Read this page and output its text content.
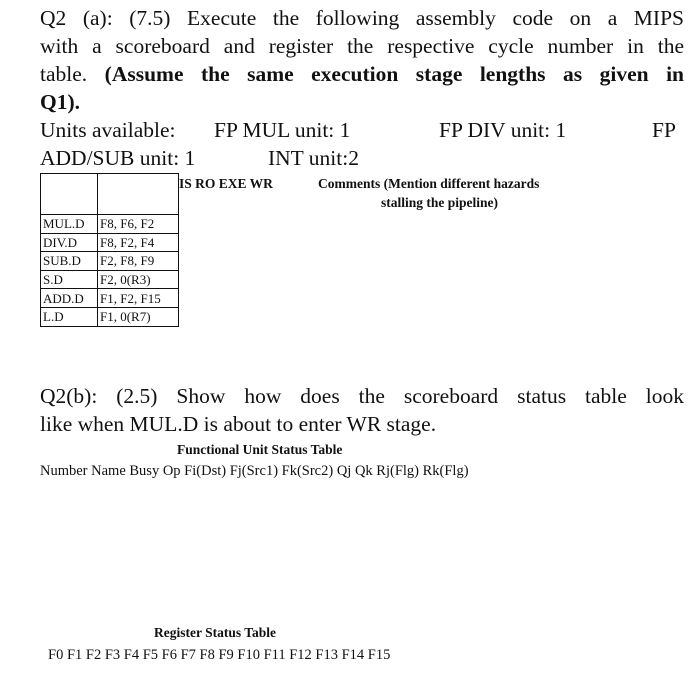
Q2 (a): (7.5) Execute the following assembly code on a MIPS
with a scoreboard and register the respective cycle number in the
table. (Assume the same execution stage lengths as given in
Q1).
Units available: FP MUL unit: 1	FP DIV unit: 1	FP
ADD/SUB unit: 1	INT unit:2

MUL.D	F8, F6, F2
DIV.D	F8, F2, F4
SUB.D	F2, F8, F9
S.D	F2, 0(R3)
ADD.D	F1, F2, F15
L.D	F1, 0(R7)
IS RO EXE WR	Comments (Mention different hazards
stalling the pipeline)
Q2(b): (2.5) Show how does the scoreboard status table look
like when MUL.D is about to enter WR stage.
Functional Unit Status Table
Number Name Busy Op Fi(Dst) Fj(Src1) Fk(Src2) Qj Qk Rj(Flg) Rk(Flg)
Register Status Table
F0 F1 F2 F3 F4 F5 F6 F7 F8 F9 F10 F11 F12 F13 F14 F15
